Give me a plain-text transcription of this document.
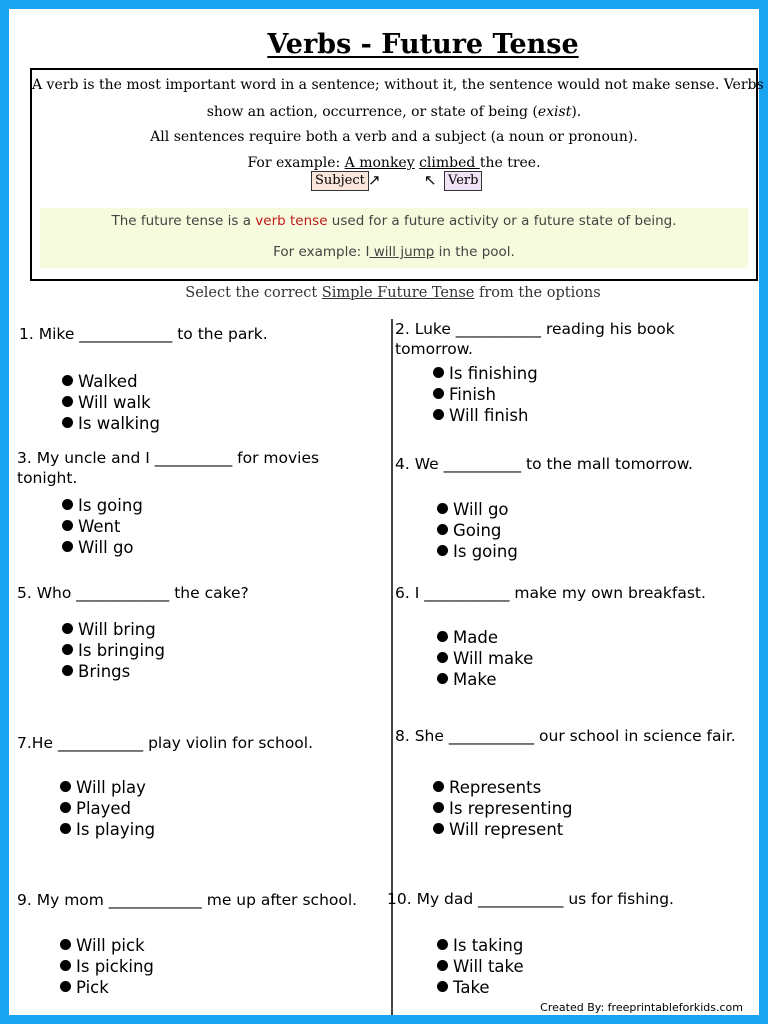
Verbs - Future Tense
A verb is the most important word in a sentence; without it, the sentence would not make sense. Verbs
show an action, occurrence, or state of being (exist).
All sentences require both a verb and a subject (a noun or pronoun).
For example: A monkey climbed the tree.
Subject ↗	↖ Verb
The future tense is a verb tense used for a future activity or a future state of being.
For example: I will jump in the pool.
Select the correct Simple Future Tense from the options
1. Mike ____________ to the park.
Walked
Will walk
Is walking
2. Luke ___________ reading his book tomorrow.
Is finishing
Finish
Will finish
3. My uncle and I __________ for movies tonight.
Is going
Went
Will go
4. We __________ to the mall tomorrow.
Will go
Going
Is going
5. Who ____________ the cake?
Will bring
Is bringing
Brings
6. I ___________ make my own breakfast.
Made
Will make
Make
7.He ___________ play violin for school.
Will play
Played
Is playing
8. She ___________ our school in science fair.
Represents
Is representing
Will represent
9. My mom ____________ me up after school.
Will pick
Is picking
Pick
10. My dad ___________ us for fishing.
Is taking
Will take
Take
Created By: freeprintableforkids.com
